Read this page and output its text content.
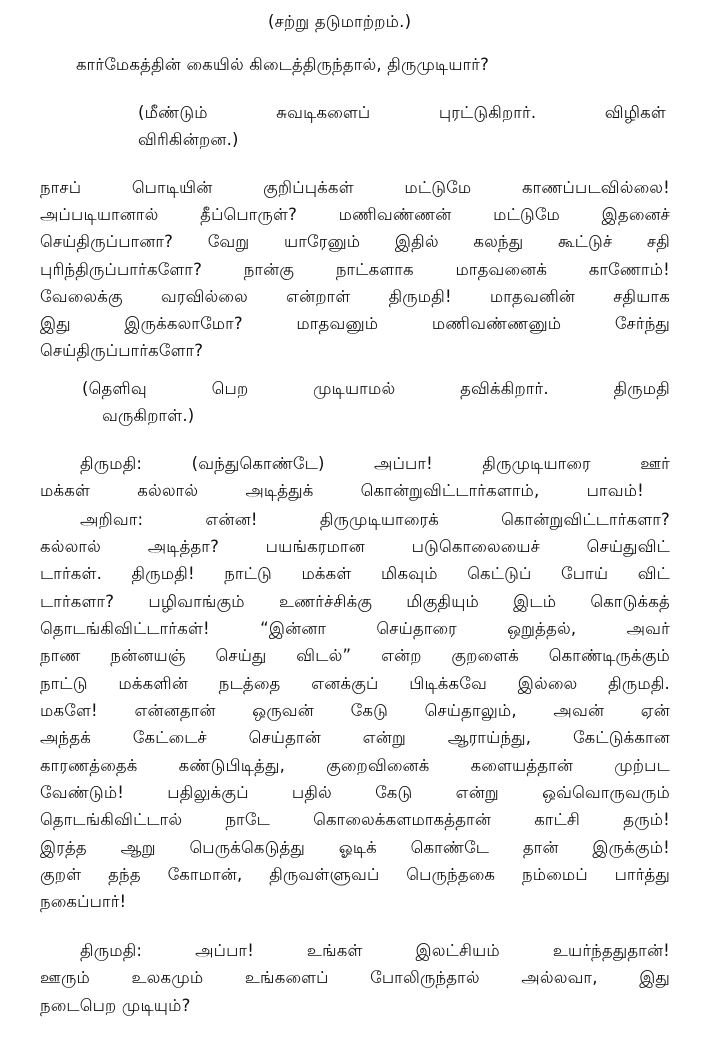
(சற்று தடுமாற்றம்.)
கார்மேகத்தின் கையில் கிடைத்திருந்தால், திருமுடியார்?
(மீண்டும் சுவடிகளைப் புரட்டுகிறார். விழிகள்
விரிகின்றன.)
நாசப் பொடியின் குறிப்புக்கள் மட்டுமே காணப்படவில்லை!
அப்படியானால் தீப்பொருள்? மணிவண்ணன் மட்டுமே இதனைச்
செய்திருப்பானா? வேறு யாரேனும் இதில் கலந்து கூட்டுச் சதி
புரிந்திருப்பார்களோ? நான்கு நாட்களாக மாதவனைக் காணோம்!
வேலைக்கு வரவில்லை என்றாள் திருமதி! மாதவனின் சதியாக
இது இருக்கலாமோ? மாதவனும் மணிவண்ணனும் சேர்ந்து
செய்திருப்பார்களோ?
(தெளிவு பெற முடியாமல் தவிக்கிறார். திருமதி
வருகிறாள்.)
திருமதி: (வந்துகொண்டே) அப்பா! திருமுடியாரை ஊர்
மக்கள் கல்லால் அடித்துக் கொன்றுவிட்டார்களாம், பாவம்!
அறிவா: என்ன! திருமுடியாரைக் கொன்றுவிட்டார்களா?
கல்லால் அடித்தா? பயங்கரமான படுகொலையைச் செய்துவிட்
டார்கள். திருமதி! நாட்டு மக்கள் மிகவும் கெட்டுப் போய் விட்
டார்களா? பழிவாங்கும் உணர்ச்சிக்கு மிகுதியும் இடம் கொடுக்கத்
தொடங்கிவிட்டார்கள்! “இன்னா செய்தாரை ஒறுத்தல், அவர்
நாண நன்னயஞ் செய்து விடல்” என்ற குறளைக் கொண்டிருக்கும்
நாட்டு மக்களின் நடத்தை எனக்குப் பிடிக்கவே இல்லை திருமதி.
மகளே! என்னதான் ஒருவன் கேடு செய்தாலும், அவன் ஏன்
அந்தக் கேட்டைச் செய்தான் என்று ஆராய்ந்து, கேட்டுக்கான
காரணத்தைக் கண்டுபிடித்து, குறைவினைக் களையத்தான் முற்பட
வேண்டும்! பதிலுக்குப் பதில் கேடு என்று ஒவ்வொருவரும்
தொடங்கிவிட்டால் நாடே கொலைக்களமாகத்தான் காட்சி தரும்!
இரத்த ஆறு பெருக்கெடுத்து ஓடிக் கொண்டே தான் இருக்கும்!
குறள் தந்த கோமான், திருவள்ளுவப் பெருந்தகை நம்மைப் பார்த்து
நகைப்பார்!
திருமதி: அப்பா! உங்கள் இலட்சியம் உயர்ந்ததுதான்!
ஊரும் உலகமும் உங்களைப் போலிருந்தால் அல்லவா, இது
நடைபெற முடியும்?
